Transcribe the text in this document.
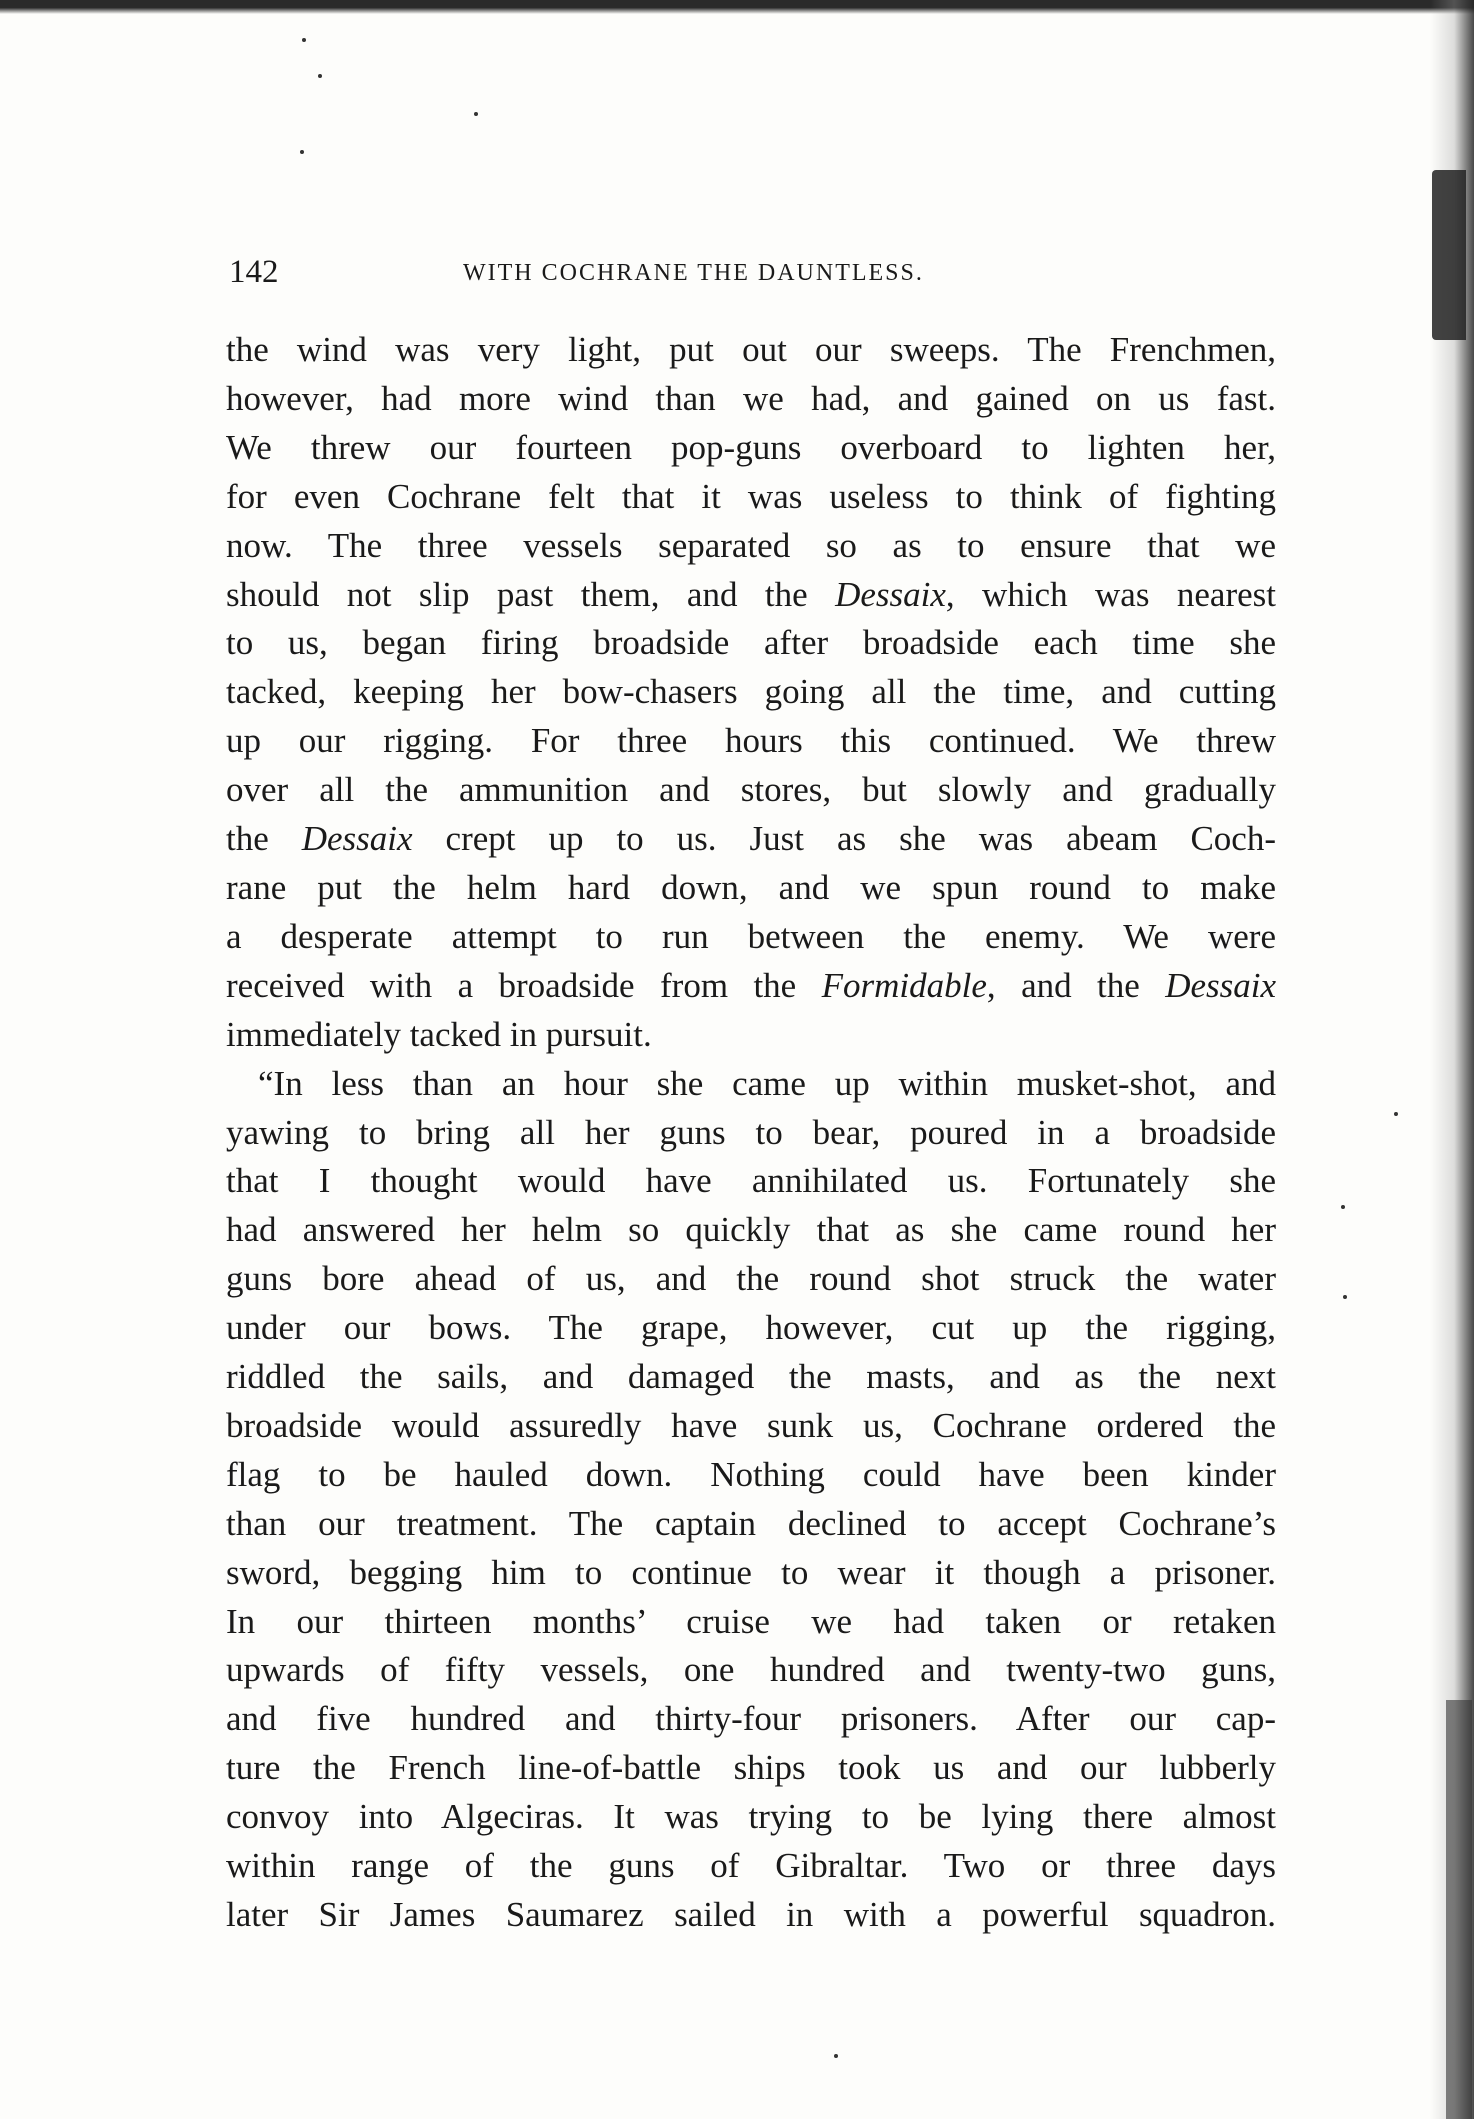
142	WITH COCHRANE THE DAUNTLESS.

the wind was very light, put out our sweeps. The Frenchmen,
however, had more wind than we had, and gained on us fast.
We threw our fourteen pop-guns overboard to lighten her,
for even Cochrane felt that it was useless to think of fighting
now. The three vessels separated so as to ensure that we
should not slip past them, and the Dessaix, which was nearest
to us, began firing broadside after broadside each time she
tacked, keeping her bow-chasers going all the time, and cutting
up our rigging. For three hours this continued. We threw
over all the ammunition and stores, but slowly and gradually
the Dessaix crept up to us. Just as she was abeam Coch-
rane put the helm hard down, and we spun round to make
a desperate attempt to run between the enemy. We were
received with a broadside from the Formidable, and the Dessaix
immediately tacked in pursuit.

“In less than an hour she came up within musket-shot, and
yawing to bring all her guns to bear, poured in a broadside
that I thought would have annihilated us. Fortunately she
had answered her helm so quickly that as she came round her
guns bore ahead of us, and the round shot struck the water
under our bows. The grape, however, cut up the rigging,
riddled the sails, and damaged the masts, and as the next
broadside would assuredly have sunk us, Cochrane ordered the
flag to be hauled down. Nothing could have been kinder
than our treatment. The captain declined to accept Cochrane’s
sword, begging him to continue to wear it though a prisoner.
In our thirteen months’ cruise we had taken or retaken
upwards of fifty vessels, one hundred and twenty-two guns,
and five hundred and thirty-four prisoners. After our cap-
ture the French line-of-battle ships took us and our lubberly
convoy into Algeciras. It was trying to be lying there almost
within range of the guns of Gibraltar. Two or three days
later Sir James Saumarez sailed in with a powerful squadron.
